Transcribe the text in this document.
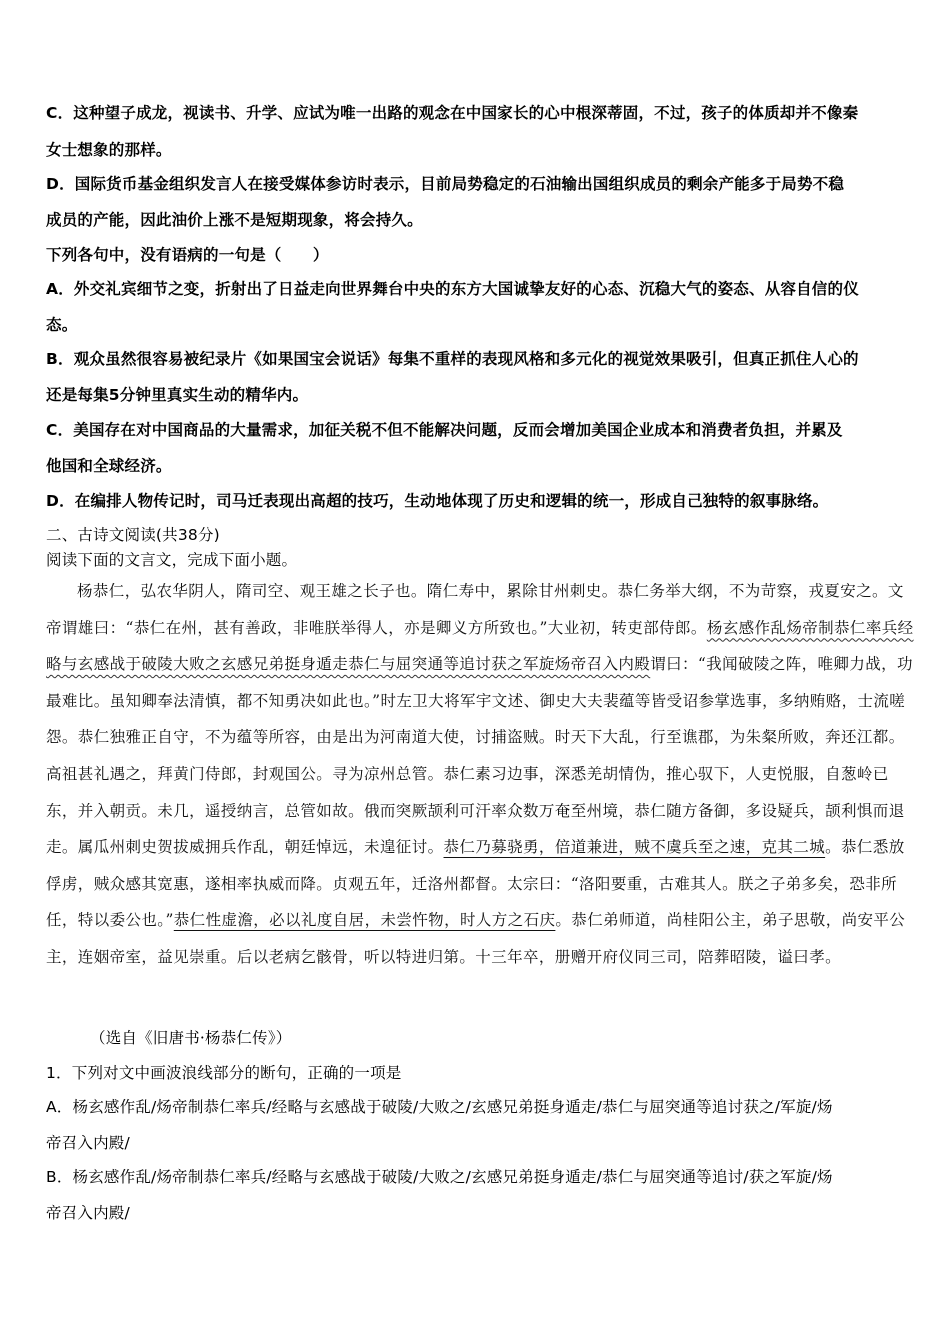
C．这种望子成龙，视读书、升学、应试为唯一出路的观念在中国家长的心中根深蒂固，不过，孩子的体质却并不像秦
女士想象的那样。
D．国际货币基金组织发言人在接受媒体参访时表示，目前局势稳定的石油输出国组织成员的剩余产能多于局势不稳
成员的产能，因此油价上涨不是短期现象，将会持久。
下列各句中，没有语病的一句是（　　）
A．外交礼宾细节之变，折射出了日益走向世界舞台中央的东方大国诚挚友好的心态、沉稳大气的姿态、从容自信的仪
态。
B．观众虽然很容易被纪录片《如果国宝会说话》每集不重样的表现风格和多元化的视觉效果吸引，但真正抓住人心的
还是每集5分钟里真实生动的精华内。
C．美国存在对中国商品的大量需求，加征关税不但不能解决问题，反而会增加美国企业成本和消费者负担，并累及
他国和全球经济。
D．在编排人物传记时，司马迁表现出高超的技巧，生动地体现了历史和逻辑的统一，形成自己独特的叙事脉络。
二、古诗文阅读(共38分)
阅读下面的文言文，完成下面小题。

杨恭仁，弘农华阴人，隋司空、观王雄之长子也。隋仁寿中，累除甘州刺史。恭仁务举大纲，不为苛察，戎夏安之。文帝谓雄曰：“恭仁在州，甚有善政，非唯朕举得人，亦是卿义方所致也。”大业初，转吏部侍郎。杨玄感作乱炀帝制恭仁率兵经略与玄感战于破陵大败之玄感兄弟挺身遁走恭仁与屈突通等追讨获之军旋炀帝召入内殿谓曰：“我闻破陵之阵，唯卿力战，功最难比。虽知卿奉法清慎，都不知勇决如此也。”时左卫大将军宇文述、御史大夫裴蕴等皆受诏参掌选事，多纳贿赂，士流嗟怨。恭仁独雅正自守，不为蕴等所容，由是出为河南道大使，讨捕盗贼。时天下大乱，行至谯郡，为朱粲所败，奔还江都。高祖甚礼遇之，拜黄门侍郎，封观国公。寻为凉州总管。恭仁素习边事，深悉羌胡情伪，推心驭下，人吏悦服，自葱岭已东，并入朝贡。未几，遥授纳言，总管如故。俄而突厥颉利可汗率众数万奄至州境，恭仁随方备御，多设疑兵，颉利惧而退走。属瓜州刺史贺拔威拥兵作乱，朝廷悼远，未遑征讨。恭仁乃募骁勇，倍道兼进，贼不虞兵至之速，克其二城。恭仁悉放俘虏，贼众感其宽惠，遂相率执威而降。贞观五年，迁洛州都督。太宗曰：“洛阳要重，古难其人。朕之子弟多矣，恐非所任，特以委公也。”恭仁性虚澹，必以礼度自居，未尝忤物，时人方之石庆。恭仁弟师道，尚桂阳公主，弟子思敬，尚安平公主，连姻帝室，益见崇重。后以老病乞骸骨，听以特进归第。十三年卒，册赠开府仪同三司，陪葬昭陵，谥曰孝。

（选自《旧唐书·杨恭仁传》）
1．下列对文中画波浪线部分的断句，正确的一项是
A．杨玄感作乱/炀帝制恭仁率兵/经略与玄感战于破陵/大败之/玄感兄弟挺身遁走/恭仁与屈突通等追讨获之/军旋/炀
帝召入内殿/
B．杨玄感作乱/炀帝制恭仁率兵/经略与玄感战于破陵/大败之/玄感兄弟挺身遁走/恭仁与屈突通等追讨/获之军旋/炀
帝召入内殿/
